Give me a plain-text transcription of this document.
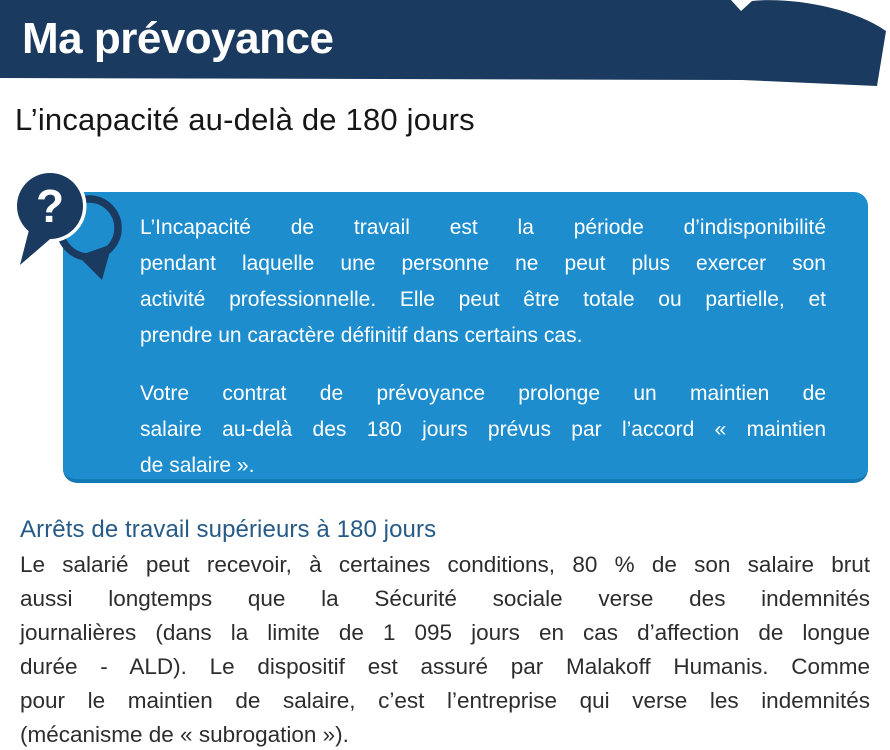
Ma prévoyance
L’incapacité au-delà de 180 jours
L’Incapacité de travail est la période d’indisponibilité
pendant laquelle une personne ne peut plus exercer son
activité professionnelle. Elle peut être totale ou partielle, et
prendre un caractère définitif dans certains cas.
Votre contrat de prévoyance prolonge un maintien de
salaire au-delà des 180 jours prévus par l’accord « maintien
de salaire ».
?
Arrêts de travail supérieurs à 180 jours
Le salarié peut recevoir, à certaines conditions, 80 % de son salaire brut
aussi longtemps que la Sécurité sociale verse des indemnités
journalières (dans la limite de 1 095 jours en cas d’affection de longue
durée - ALD). Le dispositif est assuré par Malakoff Humanis. Comme
pour le maintien de salaire, c’est l’entreprise qui verse les indemnités
(mécanisme de « subrogation »).
